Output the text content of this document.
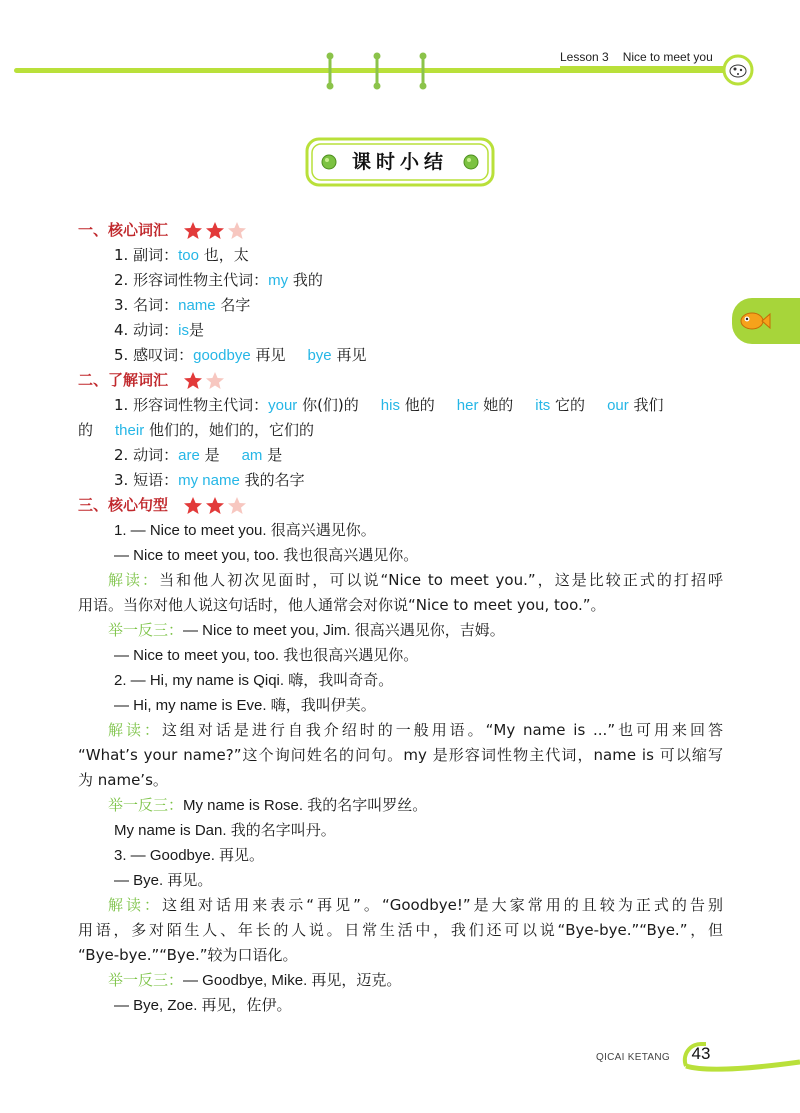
Lesson 3 Nice to meet you
课时小结
一、核心词汇
1. 副词：too 也，太
2. 形容词性物主代词：my 我的
3. 名词：name 名字
4. 动词：is是
5. 感叹词：goodbye 再见 bye 再见
二、了解词汇
1. 形容词性物主代词：your 你(们)的 his 他的 her 她的 its 它的 our 我们
的 their 他们的，她们的，它们的
2. 动词：are 是 am 是
3. 短语：my name 我的名字
三、核心句型
1. — Nice to meet you. 很高兴遇见你。
— Nice to meet you, too. 我也很高兴遇见你。
解读：当和他人初次见面时，可以说“Nice to meet you.”，这是比较正式的打招呼
用语。当你对他人说这句话时，他人通常会对你说“Nice to meet you, too.”。
举一反三：— Nice to meet you, Jim. 很高兴遇见你，吉姆。
— Nice to meet you, too. 我也很高兴遇见你。
2. — Hi, my name is Qiqi. 嗨，我叫奇奇。
— Hi, my name is Eve. 嗨，我叫伊芙。
解读：这组对话是进行自我介绍时的一般用语。“My name is ...”也可用来回答
“What’s your name?”这个询问姓名的问句。my 是形容词性物主代词，name is 可以缩写
为 name’s。
举一反三：My name is Rose. 我的名字叫罗丝。
My name is Dan. 我的名字叫丹。
3. — Goodbye. 再见。
— Bye. 再见。
解读：这组对话用来表示“再见”。“Goodbye!”是大家常用的且较为正式的告别
用语，多对陌生人、年长的人说。日常生活中，我们还可以说“Bye-bye.”“Bye.”，但
“Bye-bye.”“Bye.”较为口语化。
举一反三：— Goodbye, Mike. 再见，迈克。
— Bye, Zoe. 再见，佐伊。
QICAI KETANG	43
